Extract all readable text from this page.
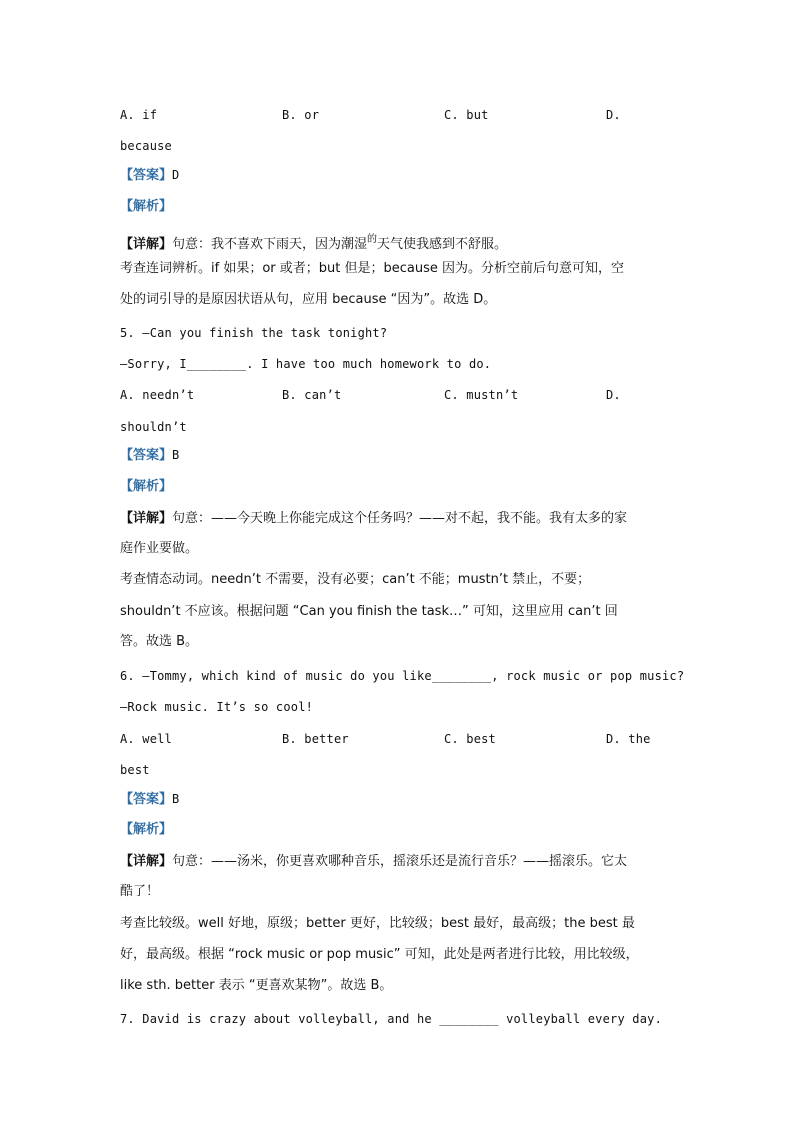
A. if	B. or	C. but	D.
because
【答案】D
【解析】
【详解】句意：我不喜欢下雨天，因为潮湿$^的$天气使我感到不舒服。
考查连词辨析。if 如果；or 或者；but 但是；because 因为。分析空前后句意可知，空
处的词引导的是原因状语从句，应用 because “因为”。故选 D。
5. —Can you finish the task tonight?
—Sorry, I________. I have too much homework to do.
A. needn’t	B. can’t	C. mustn’t	D.
shouldn’t
【答案】B
【解析】
【详解】句意：——今天晚上你能完成这个任务吗？——对不起，我不能。我有太多的家
庭作业要做。
考查情态动词。needn’t 不需要，没有必要；can’t 不能；mustn’t 禁止，不要；
shouldn’t 不应该。根据问题 “Can you finish the task…” 可知，这里应用 can’t 回
答。故选 B。
6. —Tommy, which kind of music do you like________, rock music or pop music?
—Rock music. It’s so cool!
A. well	B. better	C. best	D. the
best
【答案】B
【解析】
【详解】句意：——汤米，你更喜欢哪种音乐，摇滚乐还是流行音乐？——摇滚乐。它太
酷了！
考查比较级。well 好地，原级；better 更好，比较级；best 最好，最高级；the best 最
好，最高级。根据 “rock music or pop music” 可知，此处是两者进行比较，用比较级，
like sth. better 表示 “更喜欢某物”。故选 B。
7. David is crazy about volleyball, and he ________ volleyball every day.
